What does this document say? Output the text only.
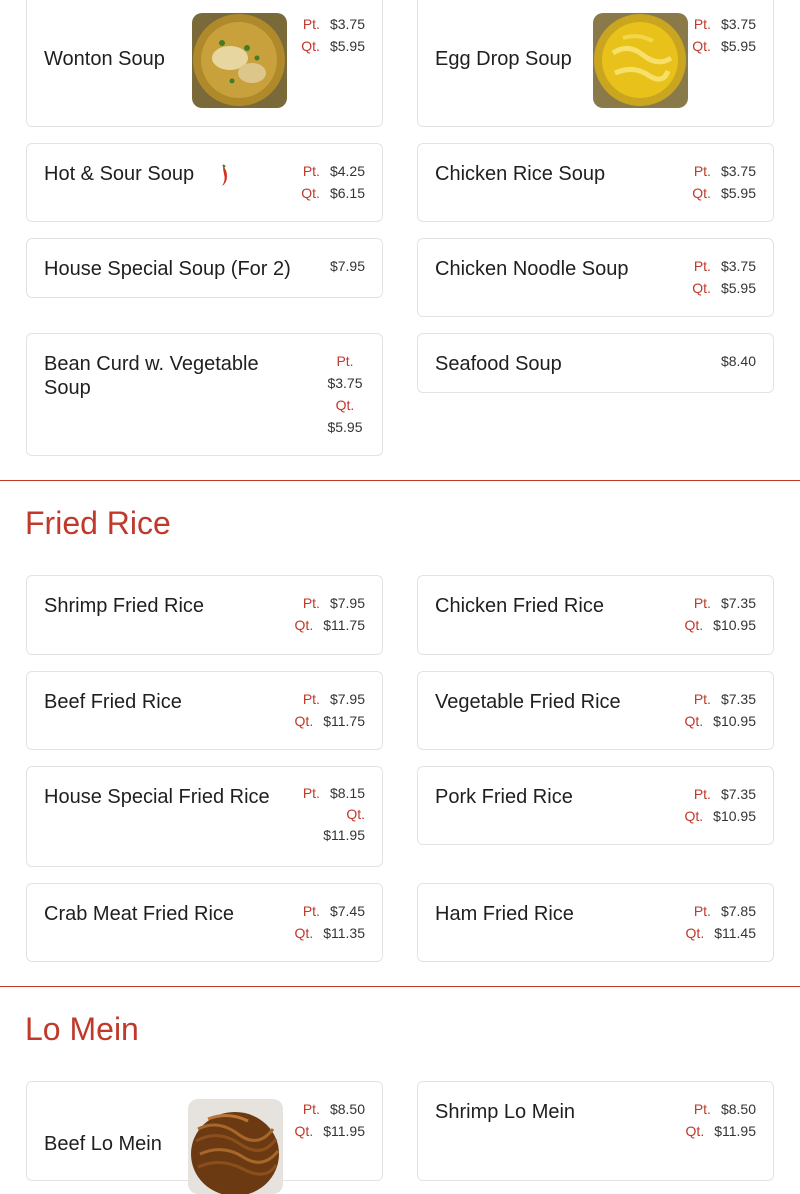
Wonton Soup
Pt. $3.75
Qt. $5.95
Egg Drop Soup
Pt. $3.75
Qt. $5.95
Hot & Sour Soup	Pt. $4.25
Qt. $6.15
Chicken Rice Soup	Pt. $3.75
Qt. $5.95
House Special Soup (For 2)	$7.95	Chicken Noodle Soup	Pt. $3.75
Qt. $5.95
Bean Curd w. Vegetable Soup
Pt.
$3.75
Qt.
$5.95
Seafood Soup	$8.40
Fried Rice
Shrimp Fried Rice	Pt. $7.95
Qt. $11.75
Chicken Fried Rice	Pt. $7.35
Qt. $10.95
Beef Fried Rice	Pt. $7.95
Qt. $11.75
Vegetable Fried Rice	Pt. $7.35
Qt. $10.95
House Special Fried Rice Pt. $8.15
Qt.
$11.95
Pork Fried Rice	Pt. $7.35
Qt. $10.95
Crab Meat Fried Rice	Pt. $7.45
Qt. $11.35
Ham Fried Rice	Pt. $7.85
Qt. $11.45
Lo Mein
Beef Lo Mein
Pt. $8.50
Qt. $11.95
Shrimp Lo Mein	Pt. $8.50
Qt. $11.95
